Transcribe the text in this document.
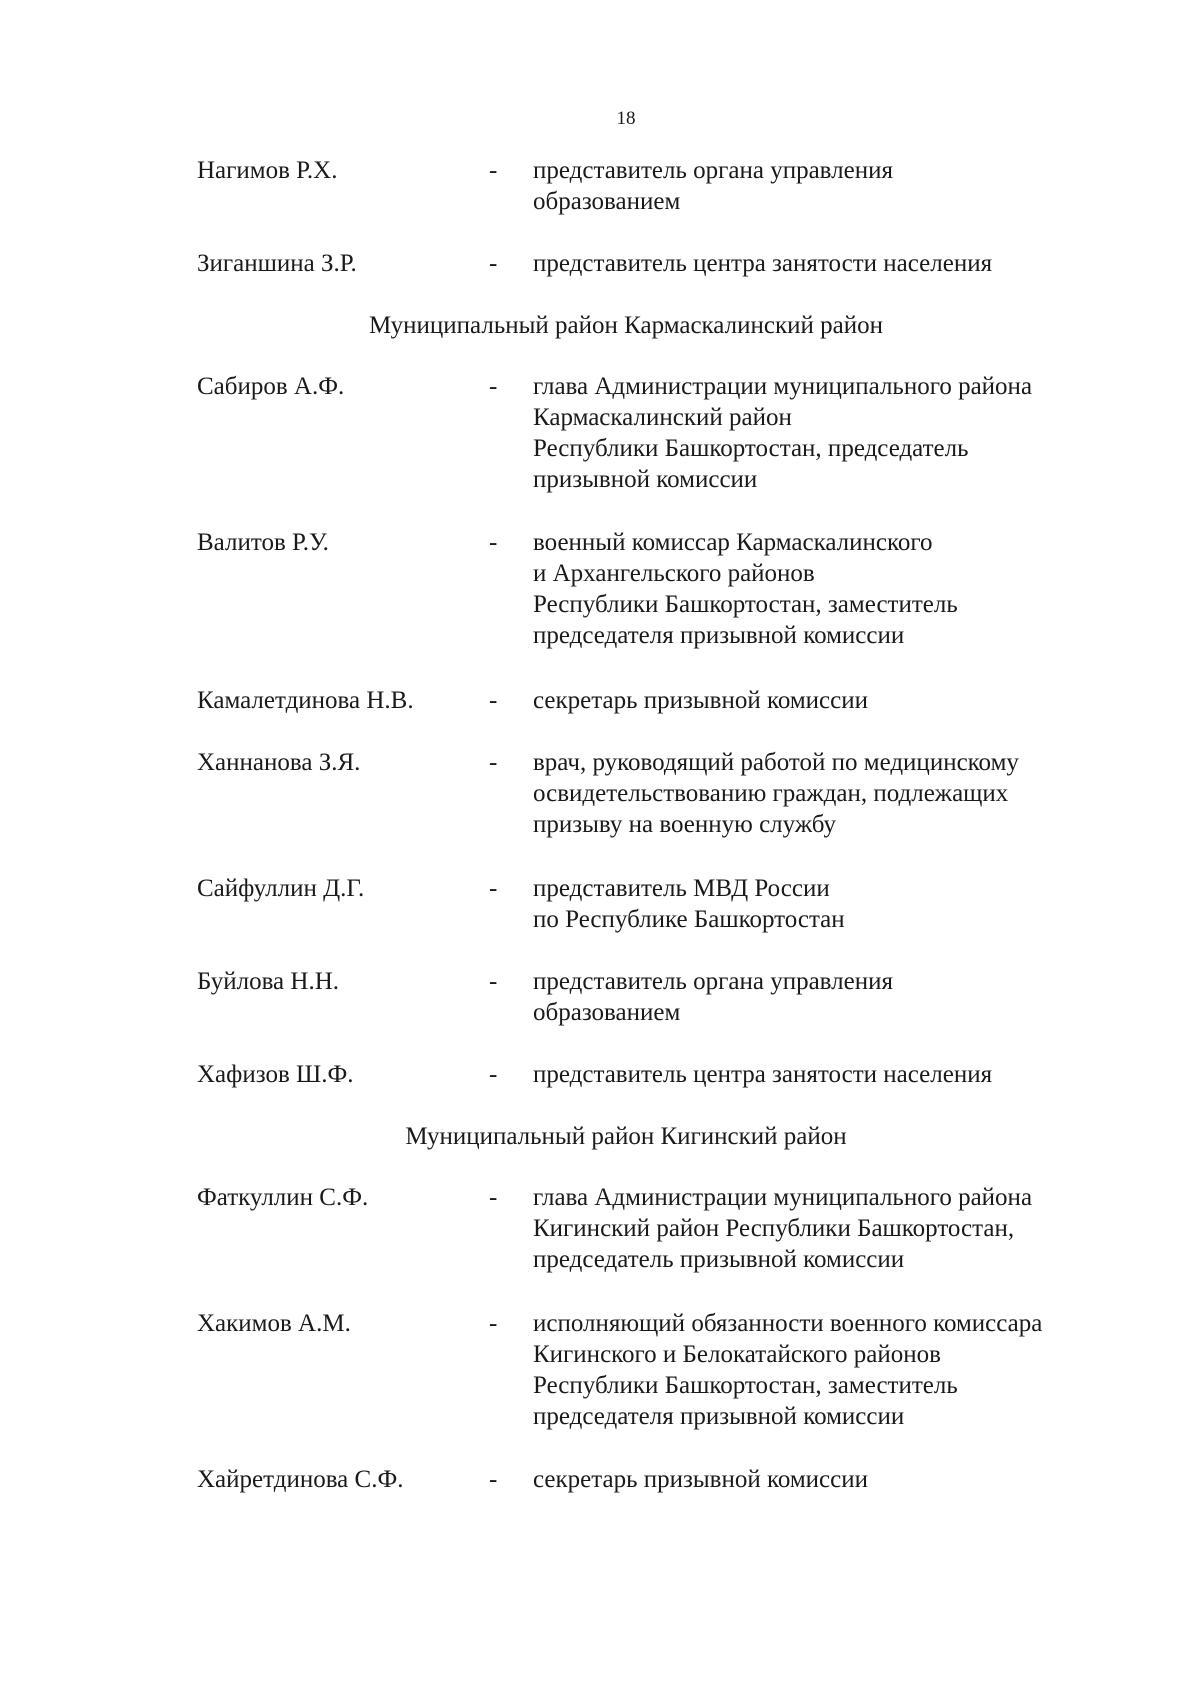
18
Нагимов Р.Х.	- представитель органа управления
образованием
Зиганшина З.Р.	- представитель центра занятости населения
Муниципальный район Кармаскалинский район
Сабиров А.Ф.	- глава Администрации муниципального района
Кармаскалинский район
Республики Башкортостан, председатель
призывной комиссии
Валитов Р.У.	- военный комиссар Кармаскалинского
и Архангельского районов
Республики Башкортостан, заместитель
председателя призывной комиссии
Камалетдинова Н.В.	- секретарь призывной комиссии
Ханнанова З.Я.	- врач, руководящий работой по медицинскому
освидетельствованию граждан, подлежащих
призыву на военную службу
Сайфуллин Д.Г.	- представитель МВД России
по Республике Башкортостан
Буйлова Н.Н.	- представитель органа управления
образованием
Хафизов Ш.Ф.	- представитель центра занятости населения
Муниципальный район Кигинский район
Фаткуллин С.Ф.	- глава Администрации муниципального района
Кигинский район Республики Башкортостан,
председатель призывной комиссии
Хакимов А.М.	- исполняющий обязанности военного комиссара
Кигинского и Белокатайского районов
Республики Башкортостан, заместитель
председателя призывной комиссии
Хайретдинова С.Ф.	- секретарь призывной комиссии
